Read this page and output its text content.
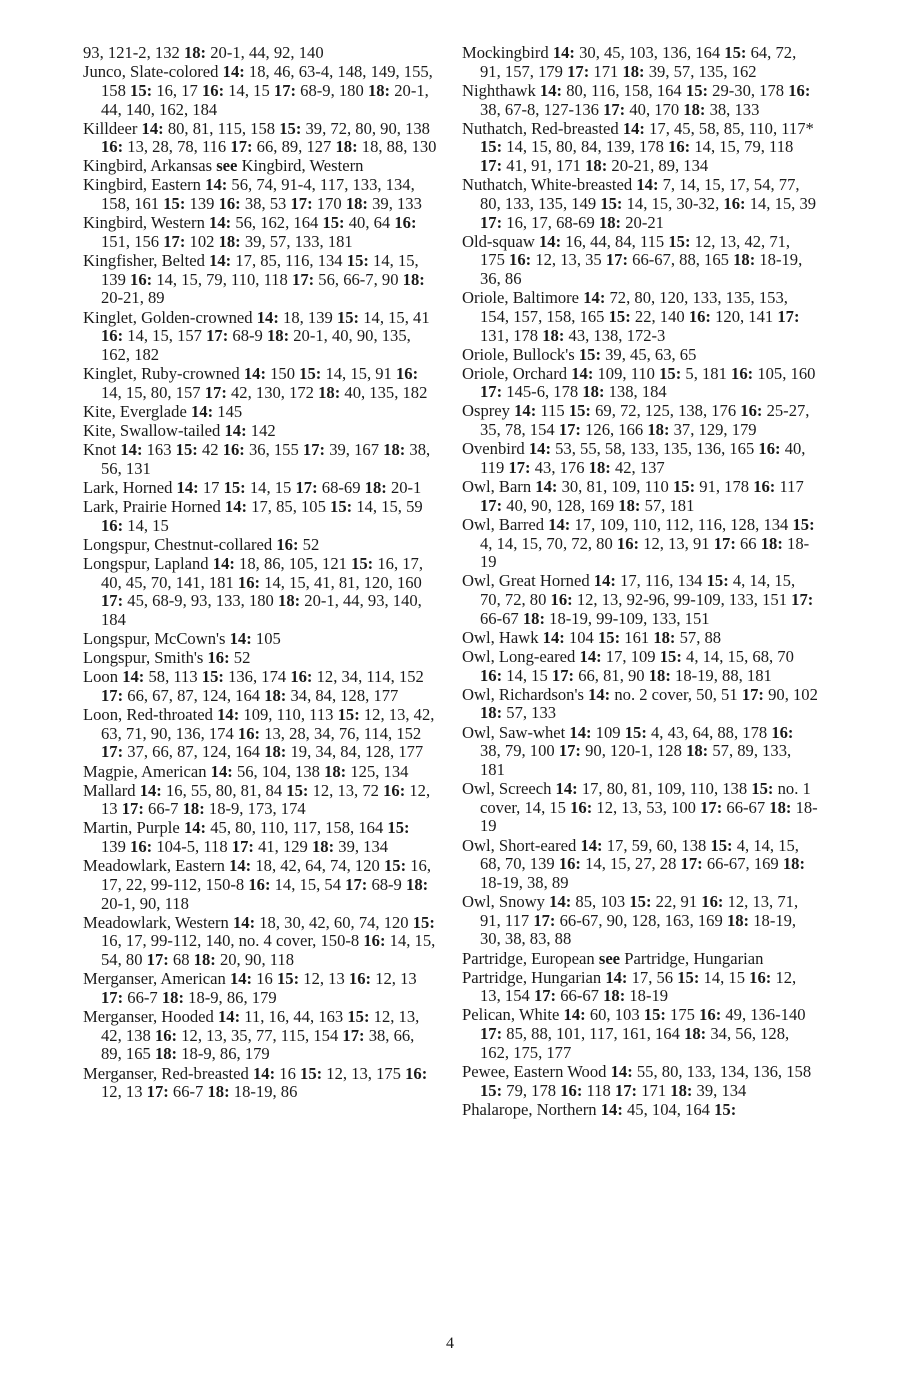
93, 121-2, 132 18: 20-1, 44, 92, 140
Junco, Slate-colored 14: 18, 46, 63-4, 148, 149, 155, 158 15: 16, 17 16: 14, 15 17: 68-9, 180 18: 20-1, 44, 140, 162, 184
Killdeer 14: 80, 81, 115, 158 15: 39, 72, 80, 90, 138 16: 13, 28, 78, 116 17: 66, 89, 127 18: 18, 88, 130
Kingbird, Arkansas see Kingbird, Western
Kingbird, Eastern 14: 56, 74, 91-4, 117, 133, 134, 158, 161 15: 139 16: 38, 53 17: 170 18: 39, 133
Kingbird, Western 14: 56, 162, 164 15: 40, 64 16: 151, 156 17: 102 18: 39, 57, 133, 181
Kingfisher, Belted 14: 17, 85, 116, 134 15: 14, 15, 139 16: 14, 15, 79, 110, 118 17: 56, 66-7, 90 18: 20-21, 89
Kinglet, Golden-crowned 14: 18, 139 15: 14, 15, 41 16: 14, 15, 157 17: 68-9 18: 20-1, 40, 90, 135, 162, 182
Kinglet, Ruby-crowned 14: 150 15: 14, 15, 91 16: 14, 15, 80, 157 17: 42, 130, 172 18: 40, 135, 182
Kite, Everglade 14: 145
Kite, Swallow-tailed 14: 142
Knot 14: 163 15: 42 16: 36, 155 17: 39, 167 18: 38, 56, 131
Lark, Horned 14: 17 15: 14, 15 17: 68-69 18: 20-1
Lark, Prairie Horned 14: 17, 85, 105 15: 14, 15, 59 16: 14, 15
Longspur, Chestnut-collared 16: 52
Longspur, Lapland 14: 18, 86, 105, 121 15: 16, 17, 40, 45, 70, 141, 181 16: 14, 15, 41, 81, 120, 160 17: 45, 68-9, 93, 133, 180 18: 20-1, 44, 93, 140, 184
Longspur, McCown's 14: 105
Longspur, Smith's 16: 52
Loon 14: 58, 113 15: 136, 174 16: 12, 34, 114, 152 17: 66, 67, 87, 124, 164 18: 34, 84, 128, 177
Loon, Red-throated 14: 109, 110, 113 15: 12, 13, 42, 63, 71, 90, 136, 174 16: 13, 28, 34, 76, 114, 152 17: 37, 66, 87, 124, 164 18: 19, 34, 84, 128, 177
Magpie, American 14: 56, 104, 138 18: 125, 134
Mallard 14: 16, 55, 80, 81, 84 15: 12, 13, 72 16: 12, 13 17: 66-7 18: 18-9, 173, 174
Martin, Purple 14: 45, 80, 110, 117, 158, 164 15: 139 16: 104-5, 118 17: 41, 129 18: 39, 134
Meadowlark, Eastern 14: 18, 42, 64, 74, 120 15: 16, 17, 22, 99-112, 150-8 16: 14, 15, 54 17: 68-9 18: 20-1, 90, 118
Meadowlark, Western 14: 18, 30, 42, 60, 74, 120 15: 16, 17, 99-112, 140, no. 4 cover, 150-8 16: 14, 15, 54, 80 17: 68 18: 20, 90, 118
Merganser, American 14: 16 15: 12, 13 16: 12, 13 17: 66-7 18: 18-9, 86, 179
Merganser, Hooded 14: 11, 16, 44, 163 15: 12, 13, 42, 138 16: 12, 13, 35, 77, 115, 154 17: 38, 66, 89, 165 18: 18-9, 86, 179
Merganser, Red-breasted 14: 16 15: 12, 13, 175 16: 12, 13 17: 66-7 18: 18-19, 86
Mockingbird 14: 30, 45, 103, 136, 164 15: 64, 72, 91, 157, 179 17: 171 18: 39, 57, 135, 162
Nighthawk 14: 80, 116, 158, 164 15: 29-30, 178 16: 38, 67-8, 127-136 17: 40, 170 18: 38, 133
Nuthatch, Red-breasted 14: 17, 45, 58, 85, 110, 117* 15: 14, 15, 80, 84, 139, 178 16: 14, 15, 79, 118 17: 41, 91, 171 18: 20-21, 89, 134
Nuthatch, White-breasted 14: 7, 14, 15, 17, 54, 77, 80, 133, 135, 149 15: 14, 15, 30-32, 16: 14, 15, 39 17: 16, 17, 68-69 18: 20-21
Old-squaw 14: 16, 44, 84, 115 15: 12, 13, 42, 71, 175 16: 12, 13, 35 17: 66-67, 88, 165 18: 18-19, 36, 86
Oriole, Baltimore 14: 72, 80, 120, 133, 135, 153, 154, 157, 158, 165 15: 22, 140 16: 120, 141 17: 131, 178 18: 43, 138, 172-3
Oriole, Bullock's 15: 39, 45, 63, 65
Oriole, Orchard 14: 109, 110 15: 5, 181 16: 105, 160 17: 145-6, 178 18: 138, 184
Osprey 14: 115 15: 69, 72, 125, 138, 176 16: 25-27, 35, 78, 154 17: 126, 166 18: 37, 129, 179
Ovenbird 14: 53, 55, 58, 133, 135, 136, 165 16: 40, 119 17: 43, 176 18: 42, 137
Owl, Barn 14: 30, 81, 109, 110 15: 91, 178 16: 117 17: 40, 90, 128, 169 18: 57, 181
Owl, Barred 14: 17, 109, 110, 112, 116, 128, 134 15: 4, 14, 15, 70, 72, 80 16: 12, 13, 91 17: 66 18: 18-19
Owl, Great Horned 14: 17, 116, 134 15: 4, 14, 15, 70, 72, 80 16: 12, 13, 92-96, 99-109, 133, 151 17: 66-67 18: 18-19, 99-109, 133, 151
Owl, Hawk 14: 104 15: 161 18: 57, 88
Owl, Long-eared 14: 17, 109 15: 4, 14, 15, 68, 70 16: 14, 15 17: 66, 81, 90 18: 18-19, 88, 181
Owl, Richardson's 14: no. 2 cover, 50, 51 17: 90, 102 18: 57, 133
Owl, Saw-whet 14: 109 15: 4, 43, 64, 88, 178 16: 38, 79, 100 17: 90, 120-1, 128 18: 57, 89, 133, 181
Owl, Screech 14: 17, 80, 81, 109, 110, 138 15: no. 1 cover, 14, 15 16: 12, 13, 53, 100 17: 66-67 18: 18-19
Owl, Short-eared 14: 17, 59, 60, 138 15: 4, 14, 15, 68, 70, 139 16: 14, 15, 27, 28 17: 66-67, 169 18: 18-19, 38, 89
Owl, Snowy 14: 85, 103 15: 22, 91 16: 12, 13, 71, 91, 117 17: 66-67, 90, 128, 163, 169 18: 18-19, 30, 38, 83, 88
Partridge, European see Partridge, Hungarian
Partridge, Hungarian 14: 17, 56 15: 14, 15 16: 12, 13, 154 17: 66-67 18: 18-19
Pelican, White 14: 60, 103 15: 175 16: 49, 136-140 17: 85, 88, 101, 117, 161, 164 18: 34, 56, 128, 162, 175, 177
Pewee, Eastern Wood 14: 55, 80, 133, 134, 136, 158 15: 79, 178 16: 118 17: 171 18: 39, 134
Phalarope, Northern 14: 45, 104, 164 15:
4
